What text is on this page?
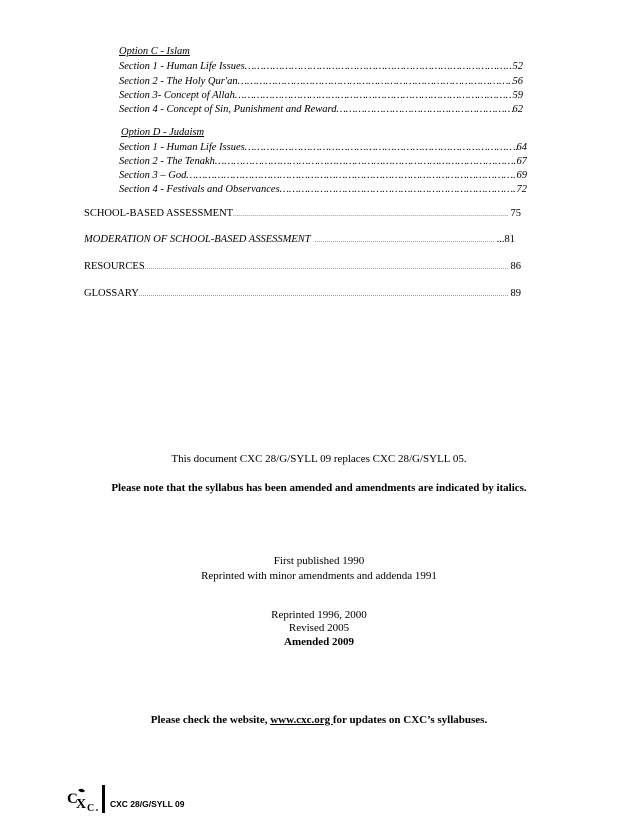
Option C - Islam
Section 1 - Human Life Issues ……………………………………………………………………………………………………………………………………………………………………………………	52
Section 2 - The Holy Qur'an ……………………………………………………………………………………………………………………………………………………………………………………	56
Section 3- Concept of Allah ……………………………………………………………………………………………………………………………………………………………………………………	59
Section 4 - Concept of Sin, Punishment and Reward ……………………………………………………………………………………………………………………………………………………………………………………	62
Option D - Judaism
Section 1 - Human Life Issues ……………………………………………………………………………………………………………………………………………………………………………………	64
Section 2 - The Tenakh ……………………………………………………………………………………………………………………………………………………………………………………	67
Section 3 – God ……………………………………………………………………………………………………………………………………………………………………………………	69
Section 4 - Festivals and Observances ……………………………………………………………………………………………………………………………………………………………………………………	72
SCHOOL-BASED ASSESSMENT .....	75
MODERATION OF SCHOOL-BASED ASSESSMENT .....	...81
RESOURCES .....	86
GLOSSARY .....	89
This document CXC 28/G/SYLL 09 replaces CXC 28/G/SYLL 05.
Please note that the syllabus has been amended and amendments are indicated by italics.
First published 1990
Reprinted with minor amendments and addenda 1991
Reprinted 1996, 2000
Revised 2005
Amended 2009
Please check the website, www.cxc.org for updates on CXC’s syllabuses.
C
X C CXC 28/G/SYLL 09
